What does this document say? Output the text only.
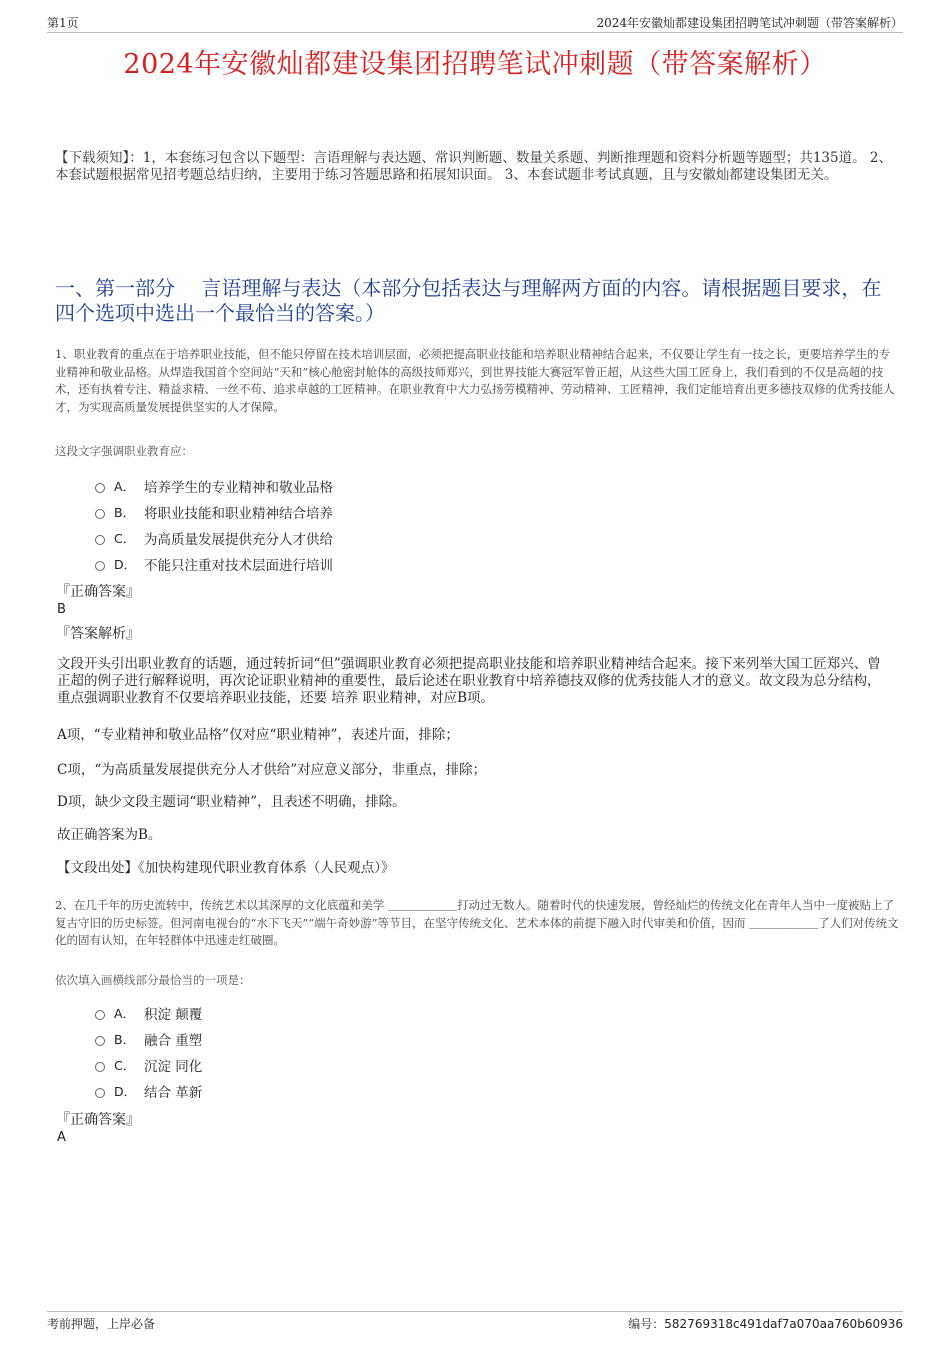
第1页	2024年安徽灿都建设集团招聘笔试冲刺题（带答案解析）
2024年安徽灿都建设集团招聘笔试冲刺题（带答案解析）
【下载须知】：1，本套练习包含以下题型：言语理解与表达题、常识判断题、数量关系题、判断推理题和资料分析题等题型；共135道。 2、本套试题根据常见招考题总结归纳，主要用于练习答题思路和拓展知识面。 3、本套试题非考试真题，且与安徽灿都建设集团无关。
一、第一部分　 言语理解与表达（本部分包括表达与理解两方面的内容。请根据题目要求，在四个选项中选出一个最恰当的答案。）
1、职业教育的重点在于培养职业技能，但不能只停留在技术培训层面，必须把提高职业技能和培养职业精神结合起来，不仅要让学生有一技之长，更要培养学生的专业精神和敬业品格。从焊造我国首个空间站“天和”核心舱密封舱体的高级技师郑兴，到世界技能大赛冠军曾正超，从这些大国工匠身上，我们看到的不仅是高超的技术，还有执着专注、精益求精、一丝不苟、追求卓越的工匠精神。在职业教育中大力弘扬劳模精神、劳动精神、工匠精神，我们定能培育出更多德技双修的优秀技能人才，为实现高质量发展提供坚实的人才保障。
这段文字强调职业教育应：
A． 培养学生的专业精神和敬业品格
B． 将职业技能和职业精神结合培养
C． 为高质量发展提供充分人才供给
D． 不能只注重对技术层面进行培训
『正确答案』
B
『答案解析』
文段开头引出职业教育的话题，通过转折词“但”强调职业教育必须把提高职业技能和培养职业精神结合起来。接下来列举大国工匠郑兴、曾正超的例子进行解释说明，再次论证职业精神的重要性，最后论述在职业教育中培养德技双修的优秀技能人才的意义。故文段为总分结构，重点强调职业教育不仅要培养职业技能，还要 培养 职业精神，对应B项。
A项，“专业精神和敬业品格”仅对应“职业精神”，表述片面，排除；
C项，“为高质量发展提供充分人才供给”对应意义部分，非重点，排除；
D项，缺少文段主题词“职业精神”，且表述不明确，排除。
故正确答案为B。
【文段出处】《加快构建现代职业教育体系（人民观点）》
2、在几千年的历史流转中，传统艺术以其深厚的文化底蕴和美学 ＿＿＿＿＿＿打动过无数人。随着时代的快速发展，曾经灿烂的传统文化在青年人当中一度被贴上了复古守旧的历史标签。但河南电视台的“水下飞天”“端午奇妙游”等节目，在坚守传统文化、艺术本体的前提下融入时代审美和价值，因而 ＿＿＿＿＿＿了人们对传统文化的固有认知，在年轻群体中迅速走红破圈。
依次填入画横线部分最恰当的一项是：
A． 积淀 颠覆
B． 融合 重塑
C． 沉淀 同化
D． 结合 革新
『正确答案』
A
考前押题，上岸必备	编号：582769318c491daf7a070aa760b60936
